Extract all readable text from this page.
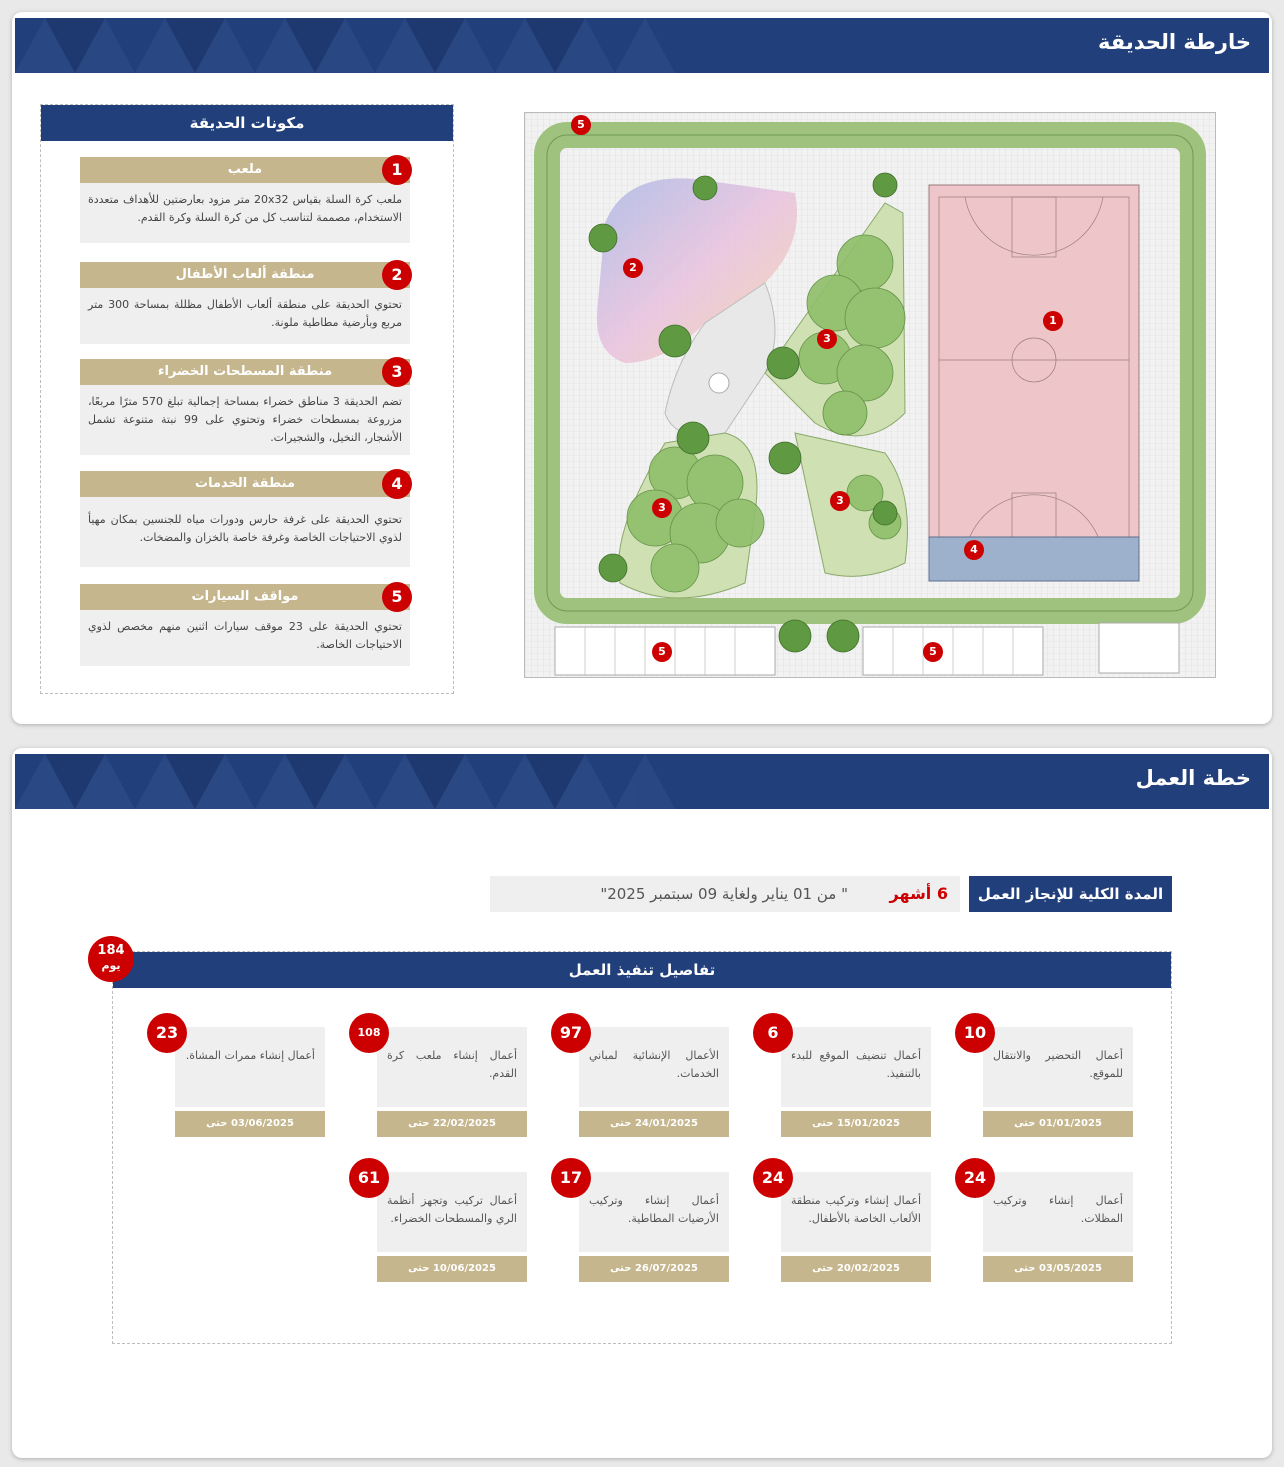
خارطة الحديقة
مكونات الحديقة
ملعب	1
ملعب كرة السلة بقياس 20x32 متر مزود بعارضتين للأهداف متعددة الاستخدام، مصممة لتناسب كل من كرة السلة وكرة القدم.
منطقة ألعاب الأطفال	2
تحتوي الحديقة على منطقة ألعاب الأطفال مظللة بمساحة 300 متر مربع وبأرضية مطاطية ملونة.
منطقة المسطحات الخضراء	3
تضم الحديقة 3 مناطق خضراء بمساحة إجمالية تبلغ 570 مترًا مربعًا، مزروعة بمسطحات خضراء وتحتوي على 99 نبتة متنوعة تشمل الأشجار، النخيل، والشجيرات.
منطقة الخدمات	4
تحتوي الحديقة على غرفة حارس ودورات مياه للجنسين بمكان مهيأ لذوي الاحتياجات الخاصة وغرفة خاصة بالخزان والمضخات.
مواقف السيارات	5
تحتوي الحديقة على 23 موقف سيارات اثنين منهم مخصص لذوي الاحتياجات الخاصة.
5
1
2
3
3
3
4
5	5
خطة العمل
المدة الكلية للإنجاز العمل
6 أشهر
" من 01 يناير ولغاية 09 سبتمبر 2025"
184
يوم	تفاصيل تنفيذ العمل
10
أعمال التحضير والانتقال للموقع.
01/01/2025 حتى 15/01/2025
6
أعمال تنضيف الموقع للبدء بالتنفيذ.
15/01/2025 حتى 22/01/2025
97
الأعمال الإنشائية لمباني الخدمات.
24/01/2025 حتى 28/04/2025
108
أعمال إنشاء ملعب كرة القدم.
22/02/2025 حتى 03/06/2025
23
أعمال إنشاء ممرات المشاة.
03/06/2025 حتى 30/06/2025
24
أعمال إنشاء وتركيب المظلات.
03/05/2025 حتى 19/06/2025
24
أعمال إنشاء وتركيب منطقة الألعاب الخاصة بالأطفال.
20/02/2025 حتى 30/07/2025
17
أعمال إنشاء وتركيب الأرضيات المطاطية.
26/07/2025 حتى 28/08/2025
61
أعمال تركيب وتجهز أنظمة الري والمسطحات الخضراء.
10/06/2025 حتى 09/09/2025
